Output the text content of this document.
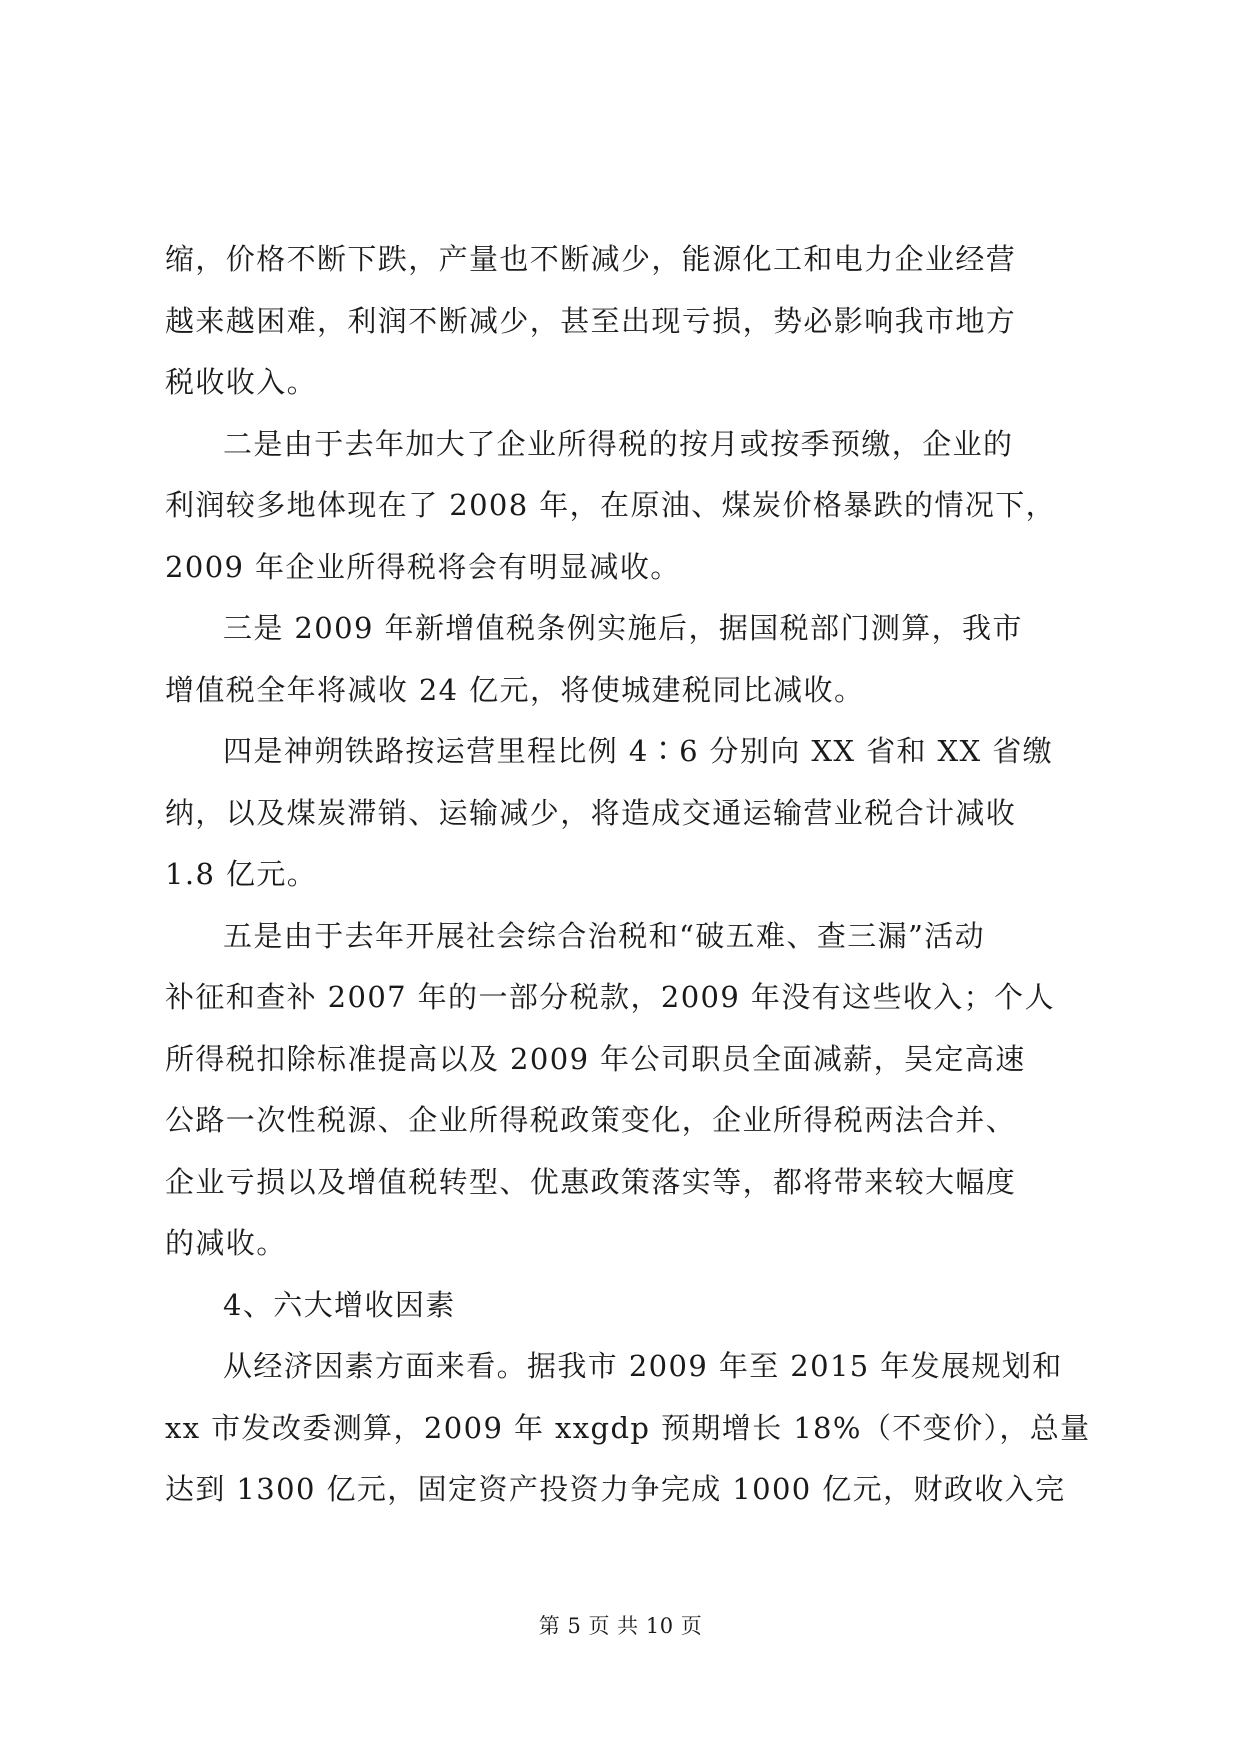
缩，价格不断下跌，产量也不断减少，能源化工和电力企业经营
越来越困难，利润不断减少，甚至出现亏损，势必影响我市地方
税收收入。
二是由于去年加大了企业所得税的按月或按季预缴，企业的
利润较多地体现在了 2008 年，在原油、煤炭价格暴跌的情况下，
2009 年企业所得税将会有明显减收。
三是 2009 年新增值税条例实施后，据国税部门测算，我市
增值税全年将减收 24 亿元，将使城建税同比减收。
四是神朔铁路按运营里程比例 4∶6 分别向 XX 省和 XX 省缴
纳，以及煤炭滞销、运输减少，将造成交通运输营业税合计减收
1.8 亿元。
五是由于去年开展社会综合治税和“破五难、查三漏”活动
补征和查补 2007 年的一部分税款，2009 年没有这些收入；个人
所得税扣除标准提高以及 2009 年公司职员全面减薪，吴定高速
公路一次性税源、企业所得税政策变化，企业所得税两法合并、
企业亏损以及增值税转型、优惠政策落实等，都将带来较大幅度
的减收。
4、六大增收因素
从经济因素方面来看。据我市 2009 年至 2015 年发展规划和
xx 市发改委测算，2009 年 xxgdp 预期增长 18%（不变价），总量
达到 1300 亿元，固定资产投资力争完成 1000 亿元，财政收入完
第 5 页 共 10 页
